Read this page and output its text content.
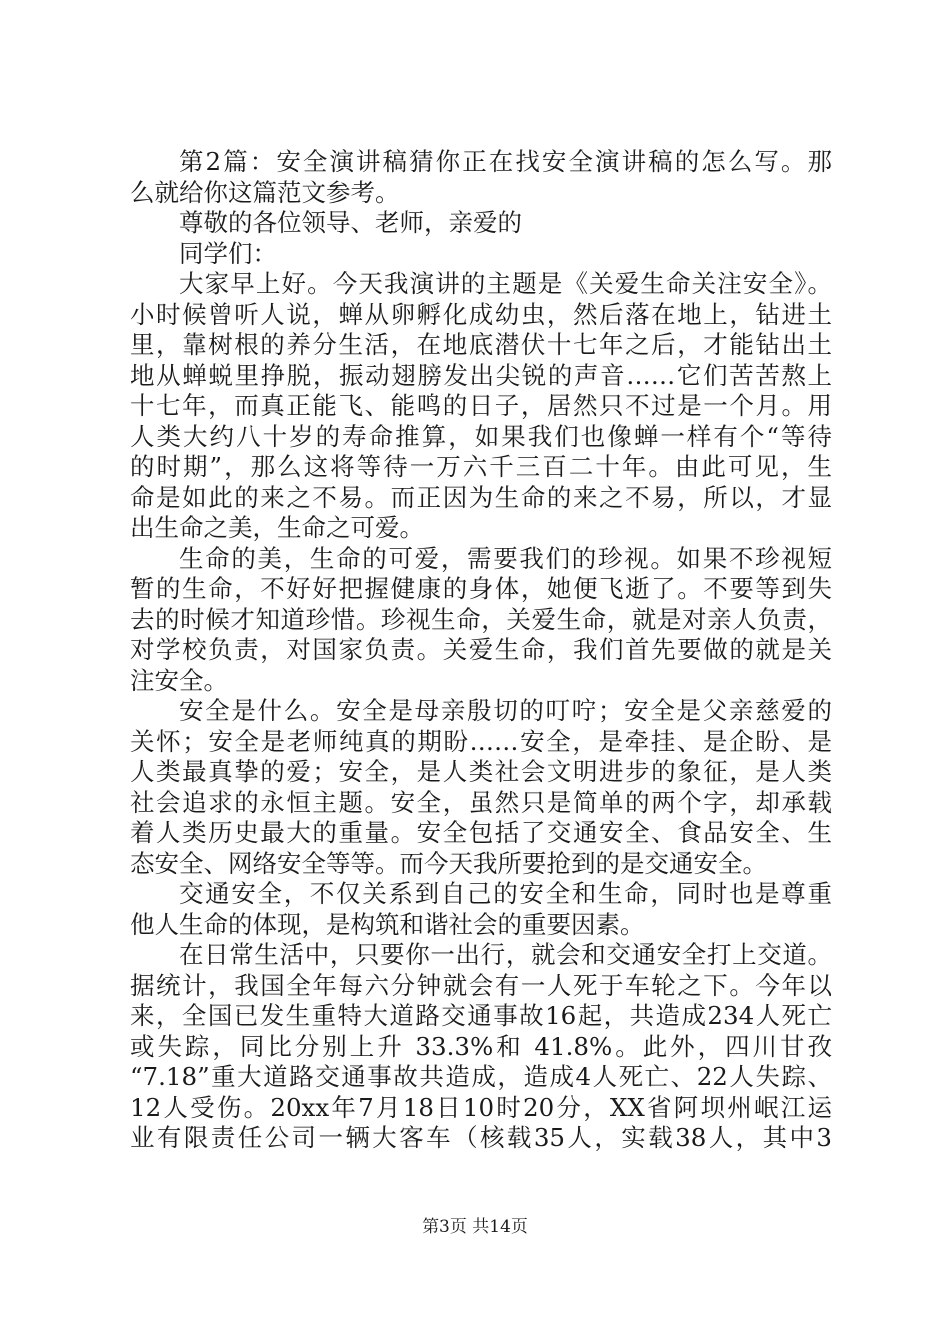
第2篇：安全演讲稿猜你正在找安全演讲稿的怎么写。那
么就给你这篇范文参考。
尊敬的各位领导、老师，亲爱的
同学们：
大家早上好。今天我演讲的主题是《关爱生命关注安全》。
小时候曾听人说，蝉从卵孵化成幼虫，然后落在地上，钻进土
里，靠树根的养分生活，在地底潜伏十七年之后，才能钻出土
地从蝉蜕里挣脱，振动翅膀发出尖锐的声音……它们苦苦熬上
十七年，而真正能飞、能鸣的日子，居然只不过是一个月。用
人类大约八十岁的寿命推算，如果我们也像蝉一样有个“等待
的时期”，那么这将等待一万六千三百二十年。由此可见，生
命是如此的来之不易。而正因为生命的来之不易，所以，才显
出生命之美，生命之可爱。
生命的美，生命的可爱，需要我们的珍视。如果不珍视短
暂的生命，不好好把握健康的身体，她便飞逝了。不要等到失
去的时候才知道珍惜。珍视生命，关爱生命，就是对亲人负责，
对学校负责，对国家负责。关爱生命，我们首先要做的就是关
注安全。
安全是什么。安全是母亲殷切的叮咛；安全是父亲慈爱的
关怀；安全是老师纯真的期盼……安全，是牵挂、是企盼、是
人类最真挚的爱；安全，是人类社会文明进步的象征，是人类
社会追求的永恒主题。安全，虽然只是简单的两个字，却承载
着人类历史最大的重量。安全包括了交通安全、食品安全、生
态安全、网络安全等等。而今天我所要抢到的是交通安全。
交通安全，不仅关系到自己的安全和生命，同时也是尊重
他人生命的体现，是构筑和谐社会的重要因素。
在日常生活中，只要你一出行，就会和交通安全打上交道。
据统计，我国全年每六分钟就会有一人死于车轮之下。今年以
来，全国已发生重特大道路交通事故16起，共造成234人死亡
或失踪，同比分别上升 33.3%和 41.8%。此外，四川甘孜
“7.18”重大道路交通事故共造成，造成4人死亡、22人失踪、
12人受伤。20xx年7月18日10时20分，XX省阿坝州岷江运
业有限责任公司一辆大客车（核载35人，实载38人，其中3
第3页 共14页
